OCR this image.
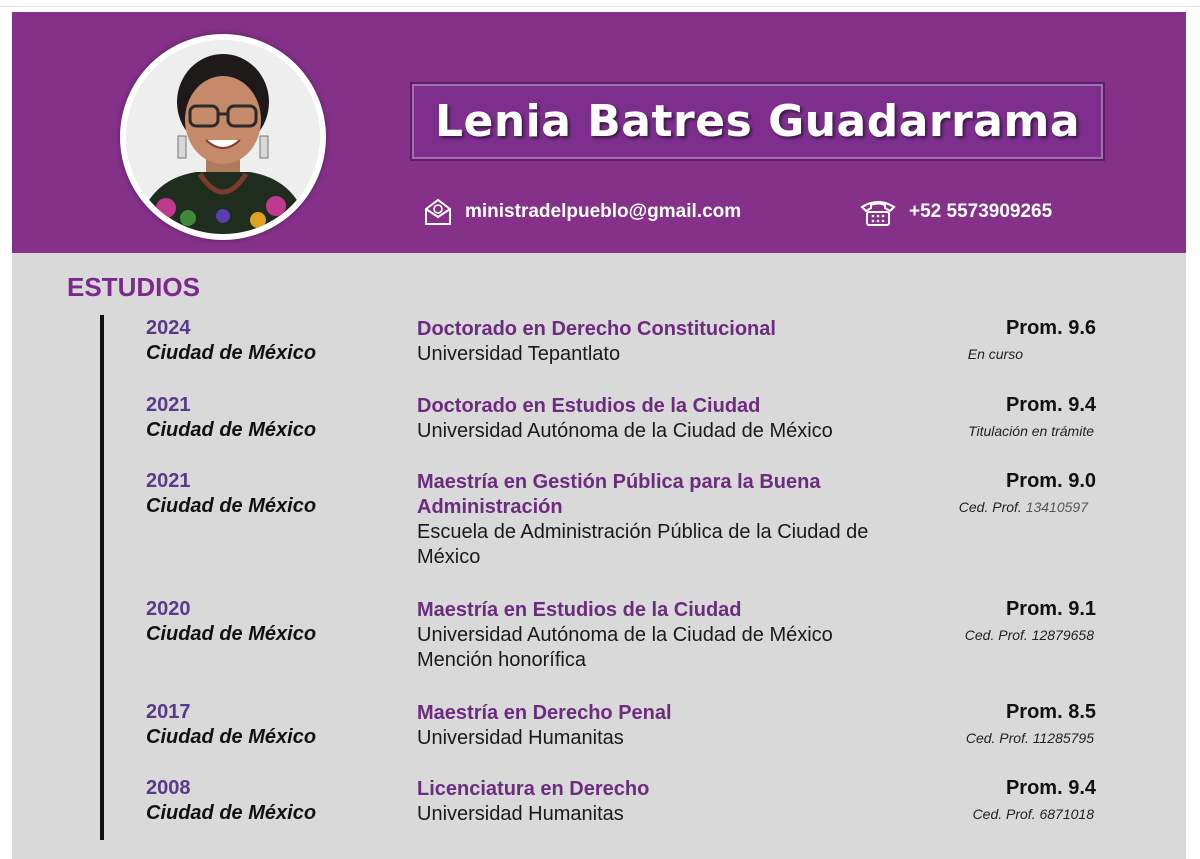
Lenia Batres Guadarrama
ministradelpueblo@gmail.com	+52 5573909265
ESTUDIOS
2024
Ciudad de México
Doctorado en Derecho Constitucional
Universidad Tepantlato
Prom. 9.6
En curso
2021
Ciudad de México
Doctorado en Estudios de la Ciudad
Universidad Autónoma de la Ciudad de México
Prom. 9.4
Titulación en trámite
2021
Ciudad de México
Maestría en Gestión Pública para la Buena Administración
Escuela de Administración Pública de la Ciudad de México
Prom. 9.0
Ced. Prof. 13410597
2020
Ciudad de México
Maestría en Estudios de la Ciudad
Universidad Autónoma de la Ciudad de México
Mención honorífica
Prom. 9.1
Ced. Prof. 12879658
2017
Ciudad de México
Maestría en Derecho Penal
Universidad Humanitas
Prom. 8.5
Ced. Prof. 11285795
2008
Ciudad de México
Licenciatura en Derecho
Universidad Humanitas
Prom. 9.4
Ced. Prof. 6871018
